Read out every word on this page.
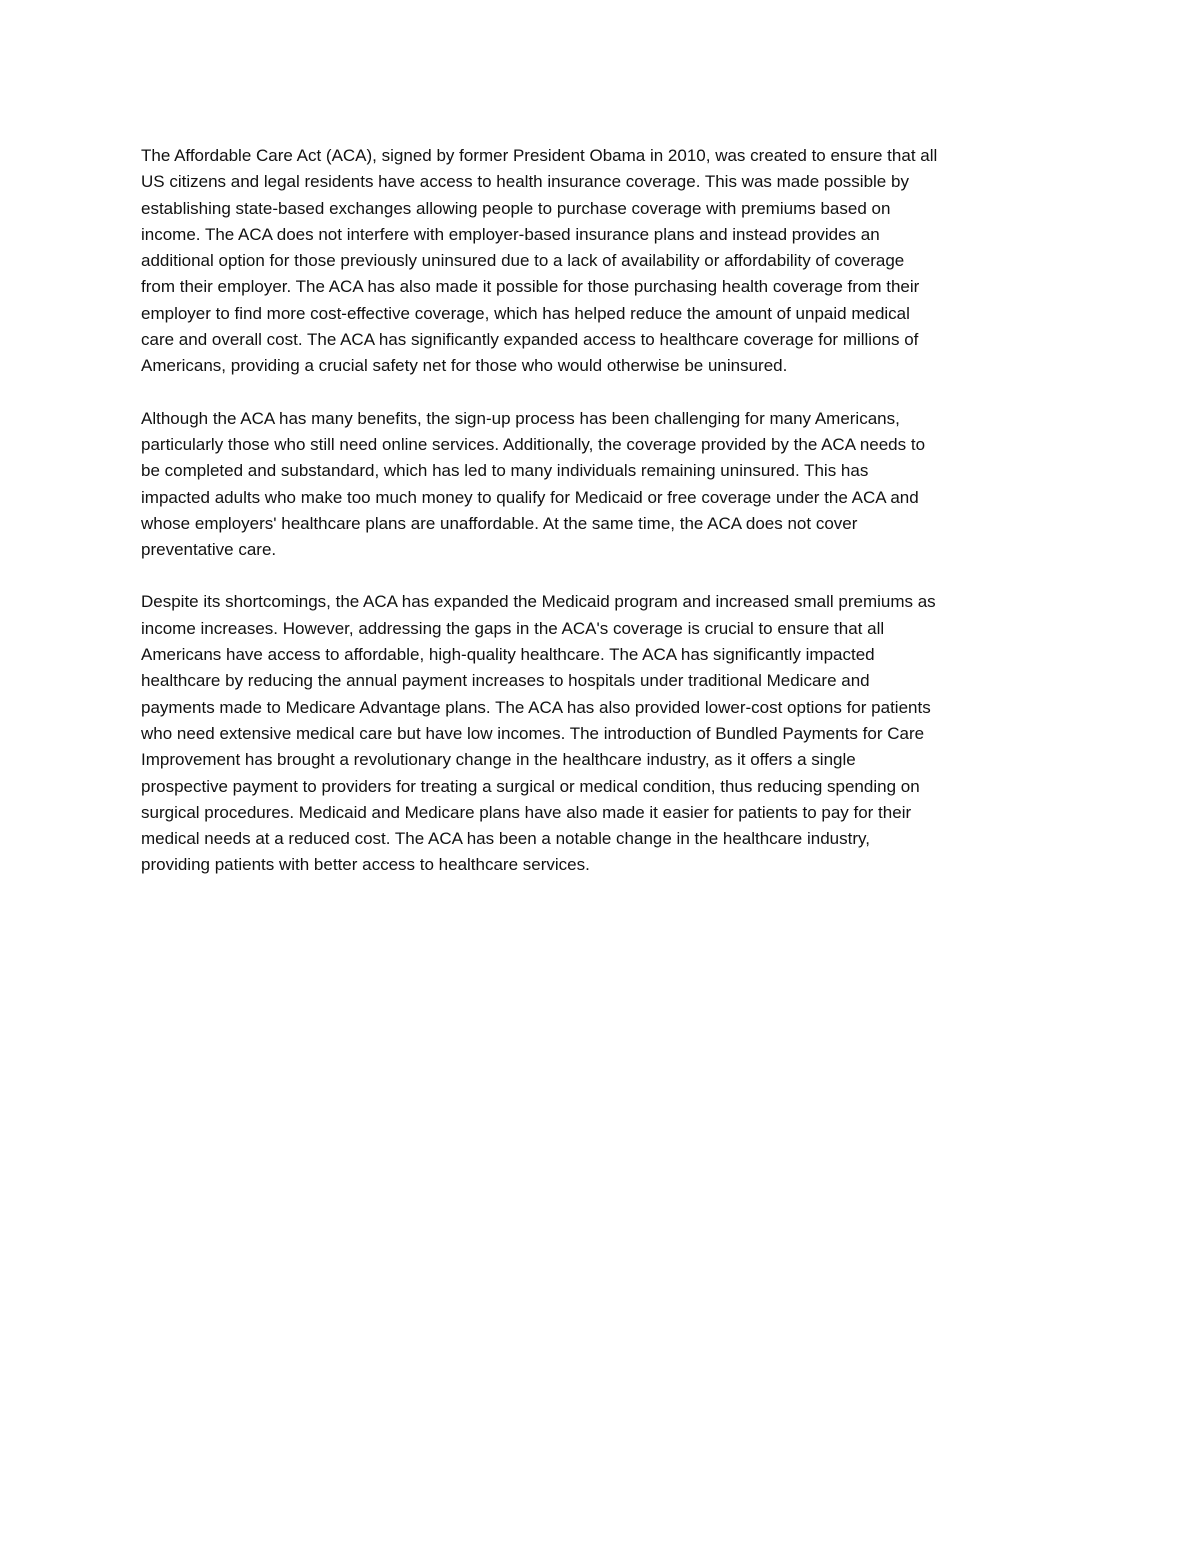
The Affordable Care Act (ACA), signed by former President Obama in 2010, was created to ensure that all
US citizens and legal residents have access to health insurance coverage. This was made possible by
establishing state-based exchanges allowing people to purchase coverage with premiums based on
income. The ACA does not interfere with employer-based insurance plans and instead provides an
additional option for those previously uninsured due to a lack of availability or affordability of coverage
from their employer. The ACA has also made it possible for those purchasing health coverage from their
employer to find more cost-effective coverage, which has helped reduce the amount of unpaid medical
care and overall cost. The ACA has significantly expanded access to healthcare coverage for millions of
Americans, providing a crucial safety net for those who would otherwise be uninsured.

Although the ACA has many benefits, the sign-up process has been challenging for many Americans,
particularly those who still need online services. Additionally, the coverage provided by the ACA needs to
be completed and substandard, which has led to many individuals remaining uninsured. This has
impacted adults who make too much money to qualify for Medicaid or free coverage under the ACA and
whose employers' healthcare plans are unaffordable. At the same time, the ACA does not cover
preventative care.

Despite its shortcomings, the ACA has expanded the Medicaid program and increased small premiums as
income increases. However, addressing the gaps in the ACA's coverage is crucial to ensure that all
Americans have access to affordable, high-quality healthcare. The ACA has significantly impacted
healthcare by reducing the annual payment increases to hospitals under traditional Medicare and
payments made to Medicare Advantage plans. The ACA has also provided lower-cost options for patients
who need extensive medical care but have low incomes. The introduction of Bundled Payments for Care
Improvement has brought a revolutionary change in the healthcare industry, as it offers a single
prospective payment to providers for treating a surgical or medical condition, thus reducing spending on
surgical procedures. Medicaid and Medicare plans have also made it easier for patients to pay for their
medical needs at a reduced cost. The ACA has been a notable change in the healthcare industry,
providing patients with better access to healthcare services.
